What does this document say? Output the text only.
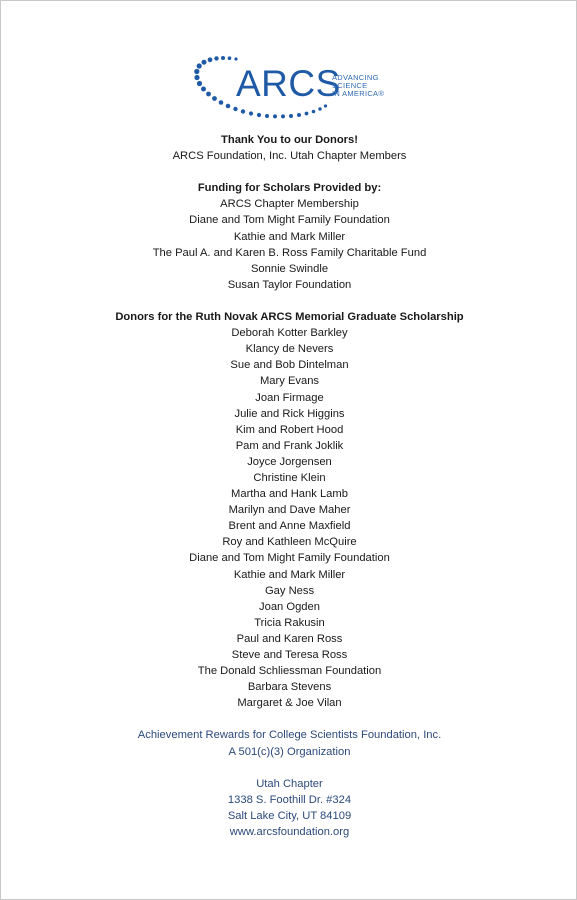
ARCS
ADVANCING
SCIENCE
IN AMERICA®
Thank You to our Donors!
ARCS Foundation, Inc. Utah Chapter Members
Funding for Scholars Provided by:
ARCS Chapter Membership
Diane and Tom Might Family Foundation
Kathie and Mark Miller
The Paul A. and Karen B. Ross Family Charitable Fund
Sonnie Swindle
Susan Taylor Foundation
Donors for the Ruth Novak ARCS Memorial Graduate Scholarship
Deborah Kotter Barkley
Klancy de Nevers
Sue and Bob Dintelman
Mary Evans
Joan Firmage
Julie and Rick Higgins
Kim and Robert Hood
Pam and Frank Joklik
Joyce Jorgensen
Christine Klein
Martha and Hank Lamb
Marilyn and Dave Maher
Brent and Anne Maxfield
Roy and Kathleen McQuire
Diane and Tom Might Family Foundation
Kathie and Mark Miller
Gay Ness
Joan Ogden
Tricia Rakusin
Paul and Karen Ross
Steve and Teresa Ross
The Donald Schliessman Foundation
Barbara Stevens
Margaret & Joe Vilan
Achievement Rewards for College Scientists Foundation, Inc.
A 501(c)(3) Organization
Utah Chapter
1338 S. Foothill Dr. #324
Salt Lake City, UT 84109
www.arcsfoundation.org
